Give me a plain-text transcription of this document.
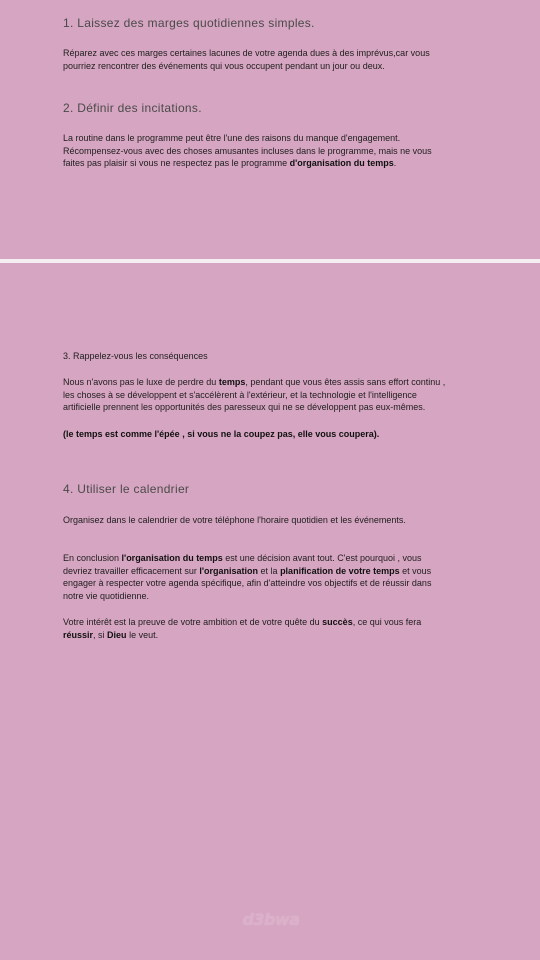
1. Laissez des marges quotidiennes simples.

Réparez avec ces marges certaines lacunes de votre agenda dues à des imprévus,car vous

pourriez rencontrer des événements qui vous occupent pendant un jour ou deux.

2. Définir des incitations.

La routine dans le programme peut être l'une des raisons du manque d'engagement.

Récompensez-vous avec des choses amusantes incluses dans le programme, mais ne vous

faites pas plaisir si vous ne respectez pas le programme d'organisation du temps.

3. Rappelez-vous les conséquences

Nous n'avons pas le luxe de perdre du temps, pendant que vous êtes assis sans effort continu ,

les choses à se développent et s'accélèrent à l'extérieur, et la technologie et l'intelligence

artificielle prennent les opportunités des paresseux qui ne se développent pas eux-mêmes.

(le temps est comme l'épée , si vous ne la coupez pas, elle vous coupera).

4. Utiliser le calendrier

Organisez dans le calendrier de votre téléphone l'horaire quotidien et les événements.

En conclusion l'organisation du temps est une décision avant tout. C'est pourquoi , vous

devriez travailler efficacement sur l'organisation et la planification de votre temps et vous

engager à respecter votre agenda spécifique, afin d'atteindre vos objectifs et de réussir dans

notre vie quotidienne.

Votre intérêt est la preuve de votre ambition et de votre quête du succès, ce qui vous fera

réussir, si Dieu le veut.

d3bwa
